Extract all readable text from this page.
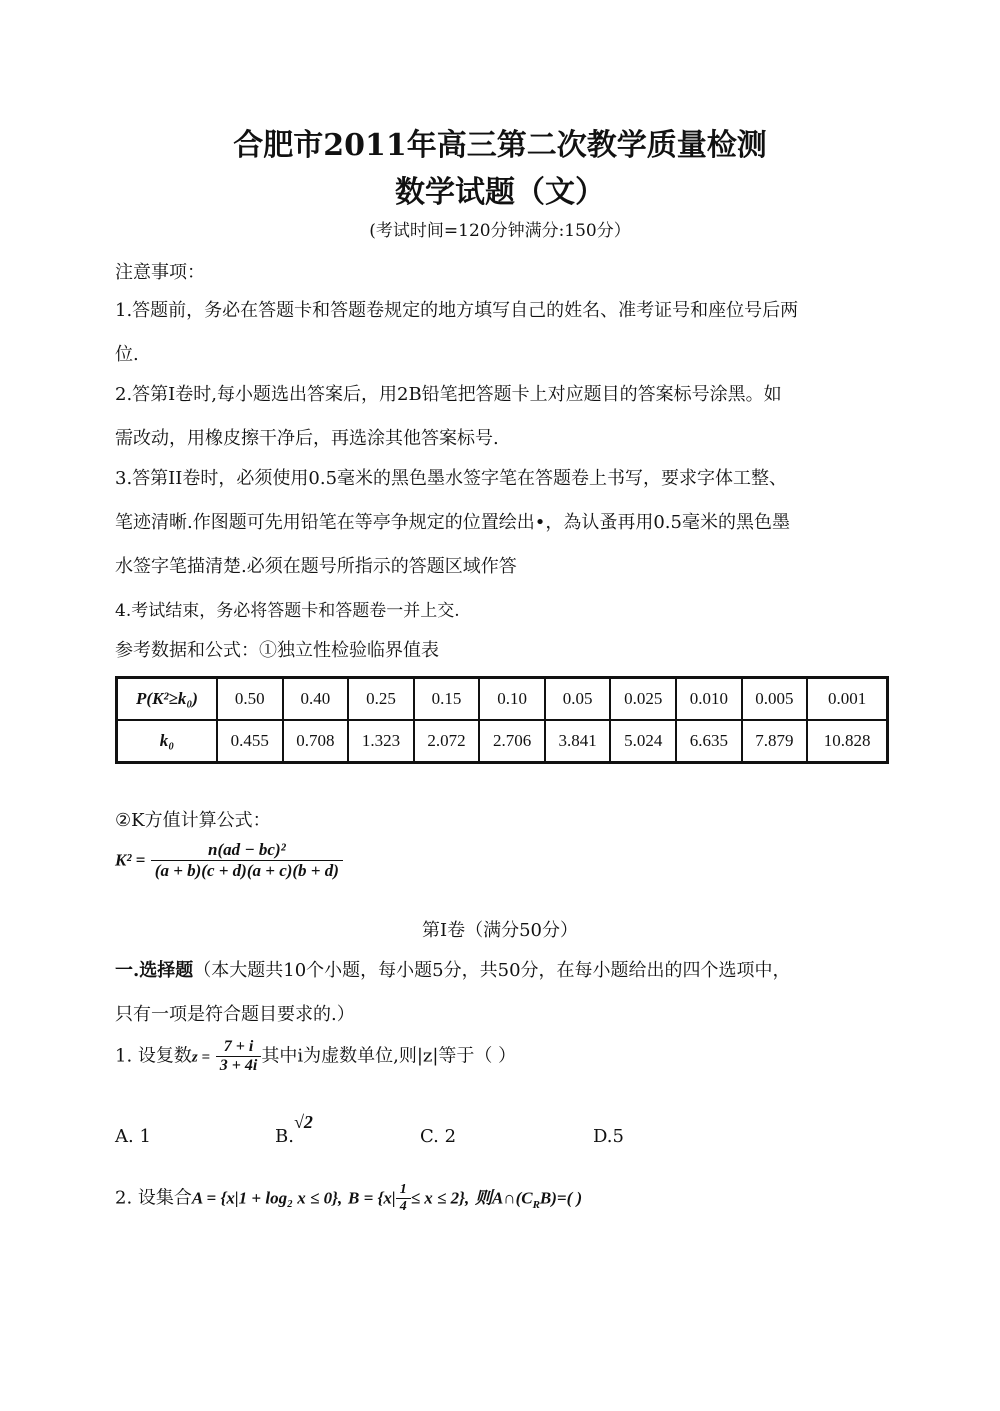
合肥市2011年高三第二次教学质量检测
数学试题（文）
(考试时间=120分钟满分:150分）
注意事项：
1.答题前，务必在答题卡和答题卷规定的地方填写自己的姓名、准考证号和座位号后两
位.
2.答第I卷时,每小题选出答案后，用2B铅笔把答题卡上对应题目的答案标号涂黑。如
需改动，用橡皮擦干净后，再选涂其他答案标号.
3.答第II卷时，必须使用0.5毫米的黑色墨水签字笔在答题卷上书写，要求字体工整、
笔迹清晰.作图题可先用铅笔在等亭争规定的位置绘出•，為认蚤再用0.5毫米的黑色墨
水签字笔描清楚.必须在题号所指示的答题区域作答
4.考试结束，务必将答题卡和答题卷一并上交.
参考数据和公式：①独立性检验临界值表
P(K²≥k₀)	0.50	0.40	0.25	0.15	0.10	0.05	0.025	0.010	0.005	0.001
k₀	0.455	0.708	1.323	2.072	2.706	3.841	5.024	6.635	7.879	10.828
②K方值计算公式：
$K^2 = \frac{\text{n(ad − bc)²}}{(a + b)(c + d)(a + c)(b + d)}$
第I卷（满分50分）
一.选择题（本大题共10个小题，每小题5分，共50分，在每小题给出的四个选项中，
只有一项是符合题目要求的.）
1. 设复数$z = \frac{7 + i}{3 + 4i}$ 其中i为虚数单位,则|z|等于（ ）
A. 1	B.√2
C. 2	D.5
2. 设集合A = {x|1 + log₂ x ≤ 0}, $B = \{x| \frac{1}{4} \le x \le 2\}$, 则$A\cap(C_RB)=$( )
